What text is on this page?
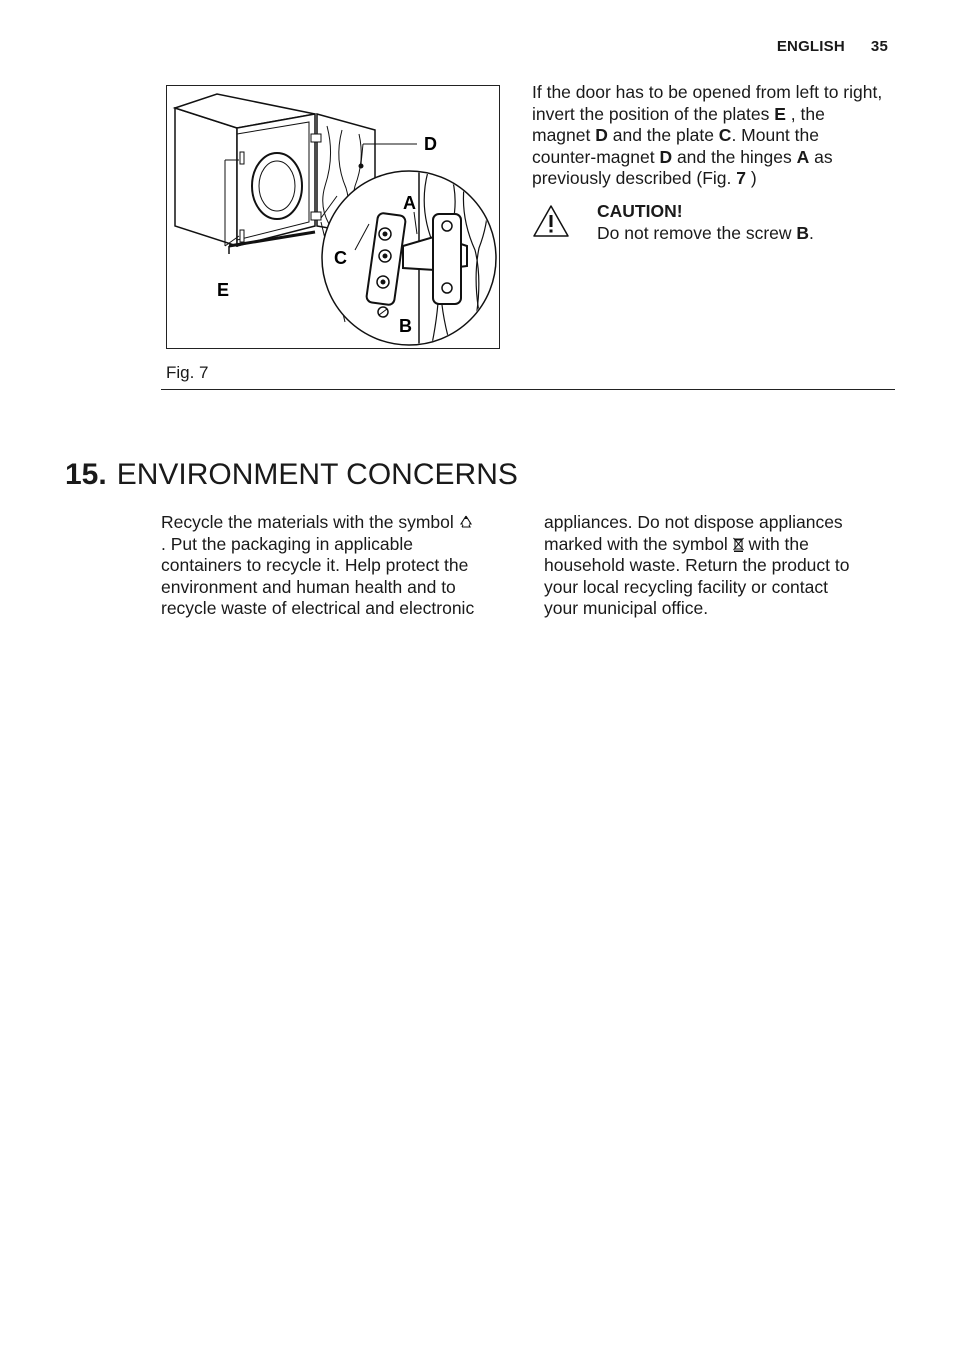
ENGLISH 35
D
A
C
E
B
Fig. 7
If the door has to be opened from left to right, invert the position of the plates E , the magnet D and the plate C. Mount the counter-magnet D and the hinges A as previously described (Fig. 7 )
CAUTION!
Do not remove the screw B.
15. ENVIRONMENT CONCERNS
Recycle the materials with the symbol  . Put the packaging in applicable containers to recycle it. Help protect the environment and human health and to recycle waste of electrical and electronic
appliances. Do not dispose appliances marked with the symbol  with the household waste. Return the product to your local recycling facility or contact your municipal office.
